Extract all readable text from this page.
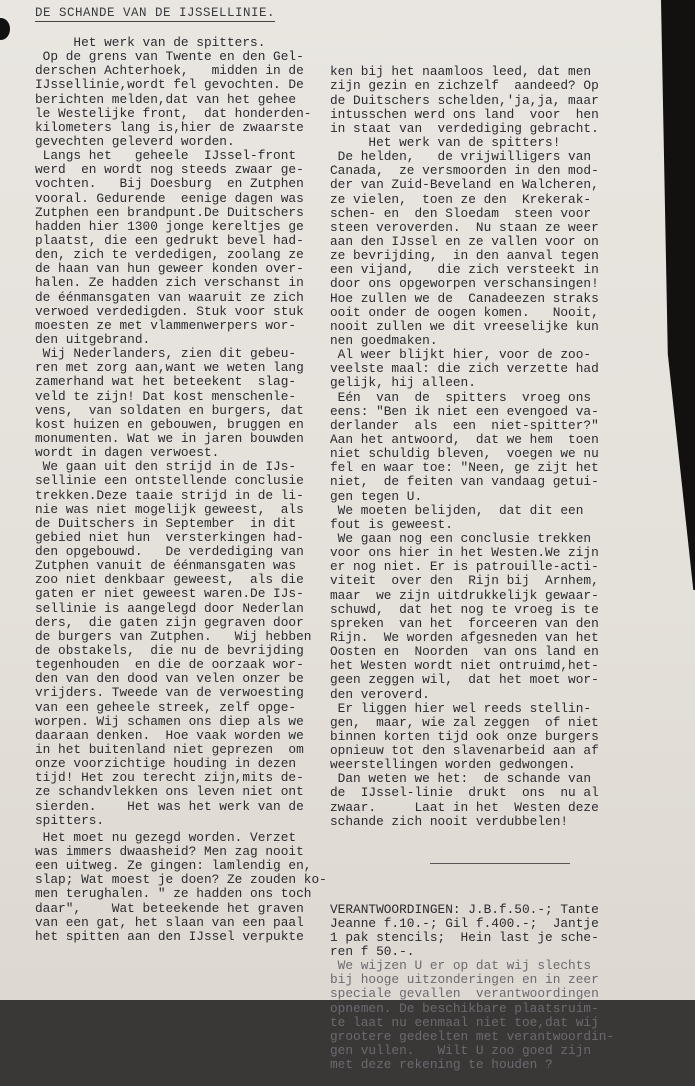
DE SCHANDE VAN DE IJSSELLINIE.
Het werk van de spitters.
Op de grens van Twente en den Gel-
derschen Achterhoek,   midden in de
IJssellinie,wordt fel gevochten. De
berichten melden,dat van het gehee
le Westelijke front,  dat honderden-
kilometers lang is,hier de zwaarste
gevechten geleverd worden.
Langs het   geheele  IJssel-front
werd  en wordt nog steeds zwaar ge-
vochten.   Bij Doesburg  en Zutphen
vooral. Gedurende  eenige dagen was
Zutphen een brandpunt.De Duitschers
hadden hier 1300 jonge kereltjes ge
plaatst, die een gedrukt bevel had-
den, zich te verdedigen, zoolang ze
de haan van hun geweer konden over-
halen. Ze hadden zich verschanst in
de éénmansgaten van waaruit ze zich
verwoed verdedigden. Stuk voor stuk
moesten ze met vlammenwerpers wor-
den uitgebrand.
Wij Nederlanders, zien dit gebeu-
ren met zorg aan,want we weten lang
zamerhand wat het beteekent  slag-
veld te zijn! Dat kost menschenle-
vens,  van soldaten en burgers, dat
kost huizen en gebouwen, bruggen en
monumenten. Wat we in jaren bouwden
wordt in dagen verwoest.
We gaan uit den strijd in de IJs-
sellinie een ontstellende conclusie
trekken.Deze taaie strijd in de li-
nie was niet mogelijk geweest,  als
de Duitschers in September  in dit
gebied niet hun  versterkingen had-
den opgebouwd.   De verdediging van
Zutphen vanuit de éénmansgaten was
zoo niet denkbaar geweest,  als die
gaten er niet geweest waren.De IJs-
sellinie is aangelegd door Nederlan
ders,  die gaten zijn gegraven door
de burgers van Zutphen.   Wij hebben
de obstakels,  die nu de bevrijding
tegenhouden  en die de oorzaak wor-
den van den dood van velen onzer be
vrijders. Tweede van de verwoesting
van een geheele streek, zelf opge-
worpen. Wij schamen ons diep als we
daaraan denken.  Hoe vaak worden we
in het buitenland niet geprezen  om
onze voorzichtige houding in dezen
tijd! Het zou terecht zijn,mits de-
ze schandvlekken ons leven niet ont
sierden.    Het was het werk van de
spitters.
Het moet nu gezegd worden. Verzet
was immers dwaasheid? Men zag nooit
een uitweg. Ze gingen: lamlendig en,
slap; Wat moest je doen? Ze zouden ko-
men terughalen. " ze hadden ons toch
daar",    Wat beteekende het graven
van een gat, het slaan van een paal
het spitten aan den IJssel verpukte

ken bij het naamloos leed, dat men
zijn gezin en zichzelf  aandeed? Op
de Duitschers schelden,'ja,ja, maar
intusschen werd ons land  voor  hen
in staat van  verdediging gebracht.
Het werk van de spitters!
De helden,   de vrijwilligers van
Canada,  ze versmoorden in den mod-
der van Zuid-Beveland en Walcheren,
ze vielen,  toen ze den  Krekerak-
schen- en  den Sloedam  steen voor
steen veroverden.  Nu staan ze weer
aan den IJssel en ze vallen voor on
ze bevrijding,  in den aanval tegen
een vijand,   die zich versteekt in
door ons opgeworpen verschansingen!
Hoe zullen we de  Canadeezen straks
ooit onder de oogen komen.   Nooit,
nooit zullen we dit vreeselijke kun
nen goedmaken.
Al weer blijkt hier, voor de zoo-
veelste maal: die zich verzette had
gelijk, hij alleen.
Eén  van  de  spitters  vroeg ons
eens: "Ben ik niet een evengoed va-
derlander  als  een  niet-spitter?"
Aan het antwoord,  dat we hem  toen
niet schuldig bleven,  voegen we nu
fel en waar toe: "Neen, ge zijt het
niet,  de feiten van vandaag getui-
gen tegen U.
We moeten belijden,  dat dit een
fout is geweest.
We gaan nog een conclusie trekken
voor ons hier in het Westen.We zijn
er nog niet. Er is patrouille-acti-
viteit  over den  Rijn bij  Arnhem,
maar  we zijn uitdrukkelijk gewaar-
schuwd,  dat het nog te vroeg is te
spreken  van het  forceeren van den
Rijn.  We worden afgesneden van het
Oosten en  Noorden  van ons land en
het Westen wordt niet ontruimd,het-
geen zeggen wil,  dat het moet wor-
den veroverd.
Er liggen hier wel reeds stellin-
gen,  maar, wie zal zeggen  of niet
binnen korten tijd ook onze burgers
opnieuw tot den slavenarbeid aan af
weerstellingen worden gedwongen.
Dan weten we het:  de schande van
de  IJssel-linie  drukt  ons  nu al
zwaar.     Laat in het  Westen deze
schande zich nooit verdubbelen!

VERANTWOORDINGEN: J.B.f.50.-; Tante
Jeanne f.10.-; Gil f.400.-;  Jantje
1 pak stencils;  Hein last je sche-
ren f 50.-.
We wijzen U er op dat wij slechts
bij hooge uitzonderingen en in zeer
speciale gevallen  verantwoordingen
opnemen. De beschikbare plaatsruim-
te laat nu eenmaal niet toe,dat wij
grootere gedeelten met verantwoordin-
gen vullen.   Wilt U zoo goed zijn
met deze rekening te houden ?
